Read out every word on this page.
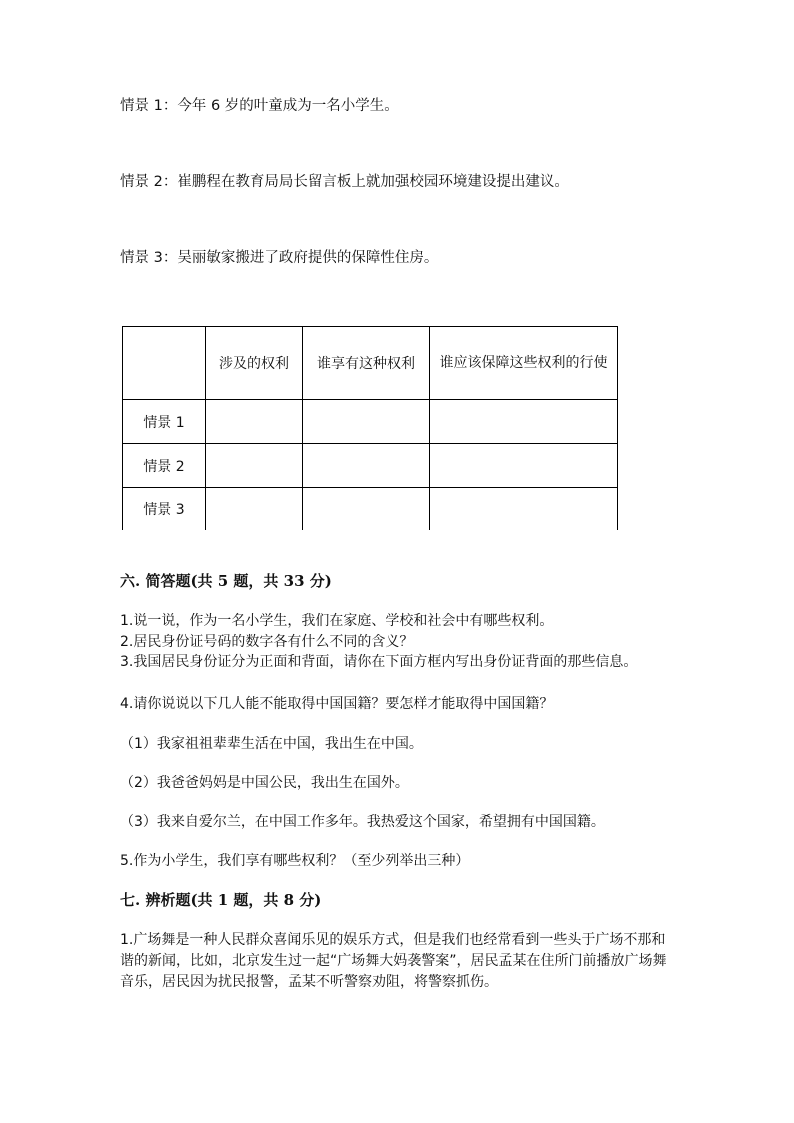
情景 1：今年 6 岁的叶童成为一名小学生。
情景 2：崔鹏程在教育局局长留言板上就加强校园环境建设提出建议。
情景 3：吴丽敏家搬进了政府提供的保障性住房。
	涉及的权利	谁享有这种权利	谁应该保障这些权利的行使
情景 1			
情景 2			
情景 3			
六. 简答题(共 5 题，共 33 分)
1.说一说，作为一名小学生，我们在家庭、学校和社会中有哪些权利。
2.居民身份证号码的数字各有什么不同的含义？
3.我国居民身份证分为正面和背面，请你在下面方框内写出身份证背面的那些信息。
4.请你说说以下几人能不能取得中国国籍？要怎样才能取得中国国籍？
（1）我家祖祖辈辈生活在中国，我出生在中国。
（2）我爸爸妈妈是中国公民，我出生在国外。
（3）我来自爱尔兰，在中国工作多年。我热爱这个国家，希望拥有中国国籍。
5.作为小学生，我们享有哪些权利？（至少列举出三种）
七. 辨析题(共 1 题，共 8 分)
1.广场舞是一种人民群众喜闻乐见的娱乐方式，但是我们也经常看到一些头于广场不那和谐的新闻，比如，北京发生过一起“广场舞大妈袭警案”，居民孟某在住所门前播放广场舞音乐，居民因为扰民报警，孟某不听警察劝阻，将警察抓伤。
